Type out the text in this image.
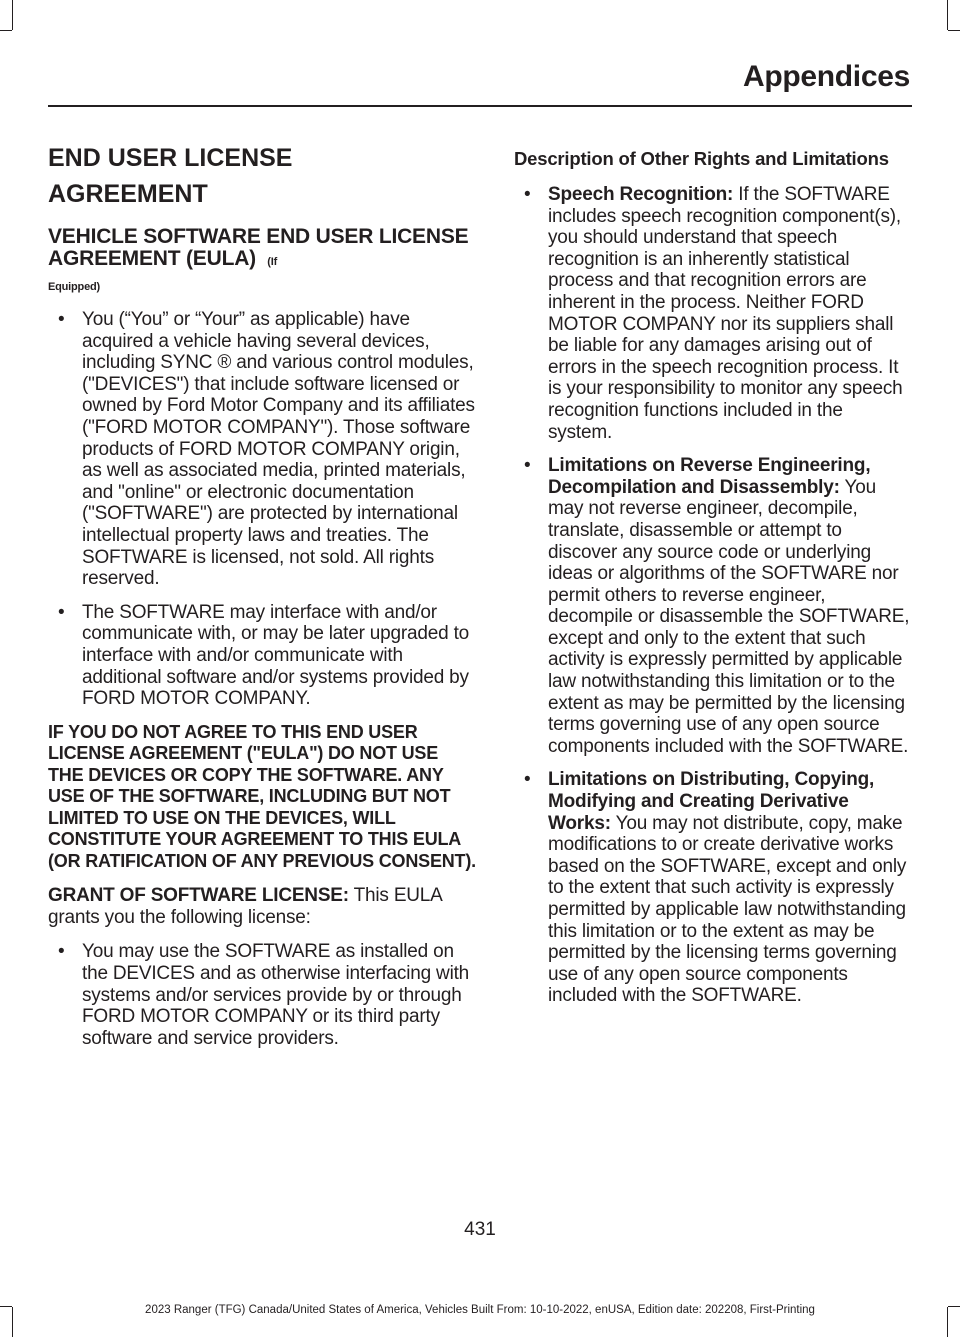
Appendices
END USER LICENSE
AGREEMENT
VEHICLE SOFTWARE END USER LICENSE AGREEMENT (EULA) (If
Equipped)
• You (“You” or “Your” as applicable) have acquired a vehicle having several devices, including SYNC ® and various control modules, ("DEVICES") that include software licensed or owned by Ford Motor Company and its affiliates ("FORD MOTOR COMPANY"). Those software products of FORD MOTOR COMPANY origin, as well as associated media, printed materials, and "online" or electronic documentation ("SOFTWARE") are protected by international intellectual property laws and treaties. The SOFTWARE is licensed, not sold. All rights reserved.
• The SOFTWARE may interface with and/or communicate with, or may be later upgraded to interface with and/or communicate with additional software and/or systems provided by FORD MOTOR COMPANY.
IF YOU DO NOT AGREE TO THIS END USER LICENSE AGREEMENT ("EULA") DO NOT USE THE DEVICES OR COPY THE SOFTWARE. ANY USE OF THE SOFTWARE, INCLUDING BUT NOT LIMITED TO USE ON THE DEVICES, WILL CONSTITUTE YOUR AGREEMENT TO THIS EULA (OR RATIFICATION OF ANY PREVIOUS CONSENT).
GRANT OF SOFTWARE LICENSE: This EULA grants you the following license:
• You may use the SOFTWARE as installed on the DEVICES and as otherwise interfacing with systems and/or services provide by or through FORD MOTOR COMPANY or its third party software and service providers.
Description of Other Rights and Limitations
• Speech Recognition: If the SOFTWARE includes speech recognition component(s), you should understand that speech recognition is an inherently statistical process and that recognition errors are inherent in the process. Neither FORD MOTOR COMPANY nor its suppliers shall be liable for any damages arising out of errors in the speech recognition process. It is your responsibility to monitor any speech recognition functions included in the system.
• Limitations on Reverse Engineering, Decompilation and Disassembly: You may not reverse engineer, decompile, translate, disassemble or attempt to discover any source code or underlying ideas or algorithms of the SOFTWARE nor permit others to reverse engineer, decompile or disassemble the SOFTWARE, except and only to the extent that such activity is expressly permitted by applicable law notwithstanding this limitation or to the extent as may be permitted by the licensing terms governing use of any open source components included with the SOFTWARE.
• Limitations on Distributing, Copying, Modifying and Creating Derivative Works: You may not distribute, copy, make modifications to or create derivative works based on the SOFTWARE, except and only to the extent that such activity is expressly permitted by applicable law notwithstanding this limitation or to the extent as may be permitted by the licensing terms governing use of any open source components included with the SOFTWARE.
431
2023 Ranger (TFG) Canada/United States of America, Vehicles Built From: 10-10-2022, enUSA, Edition date: 202208, First-Printing
